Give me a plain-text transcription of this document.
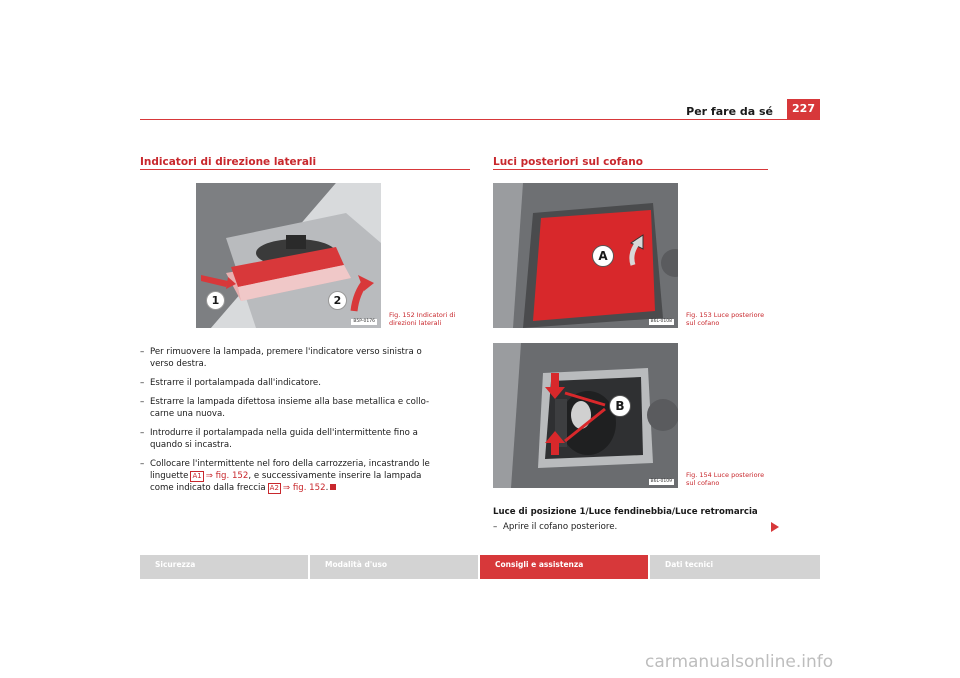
Per fare da sé	227
Indicatori di direzione laterali
1	2
B5P-0176
Fig. 152 Indicatori di
direzioni laterali
– Per rimuovere la lampada, premere l'indicatore verso sinistra o
verso destra.
– Estrarre il portalampada dall'indicatore.
– Estrarre la lampada difettosa insieme alla base metallica e collo-
carne una nuova.
– Introdurre il portalampada nella guida dell'intermittente fino a
quando si incastra.
– Collocare l'intermittente nel foro della carrozzeria, incastrando le
linguette A1 ⇒ fig. 152, e successivamente inserire la lampada
come indicato dalla freccia A2 ⇒ fig. 152.
Luci posteriori sul cofano
A
B6L-0108
Fig. 153 Luce posteriore
sul cofano
B
B6L-0109
Fig. 154 Luce posteriore
sul cofano
Luce di posizione 1/Luce fendinebbia/Luce retromarcia
– Aprire il cofano posteriore.
Sicurezza	Modalità d'uso	Consigli e assistenza	Dati tecnici
carmanualsonline.info
